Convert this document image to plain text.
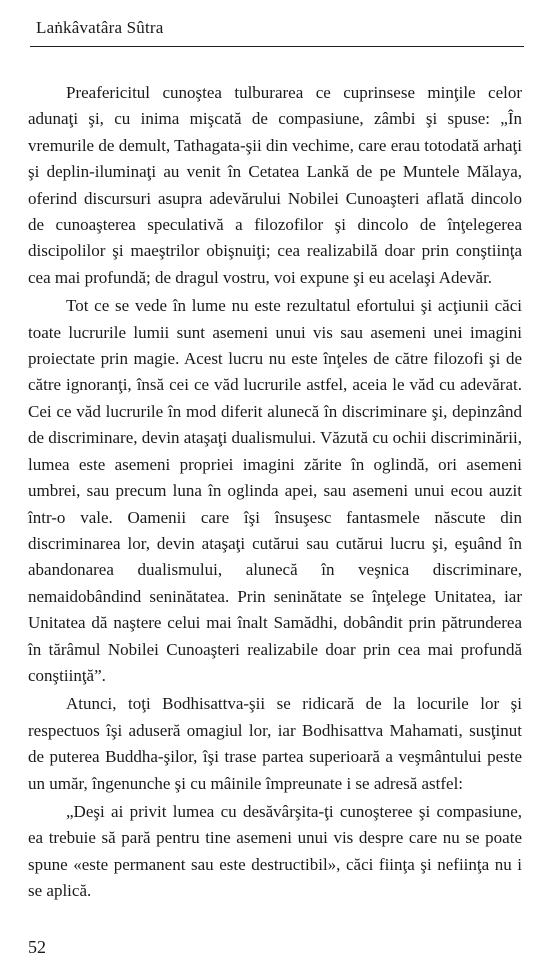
Laṅkâvatâra Sûtra

Preafericitul cunoştea tulburarea ce cuprinsese minţile celor adunaţi şi, cu inima mişcată de compasiune, zâmbi şi spuse: „În vremurile de demult, Tathagata-şii din vechime, care erau totodată arhaţi şi deplin-iluminaţi au venit în Cetatea Lankă de pe Muntele Mălaya, oferind discursuri asupra adevărului Nobilei Cunoaşteri aflată dincolo de cunoaşterea speculativă a filozofilor şi dincolo de înţelegerea discipolilor şi maeştrilor obişnuiţi; cea realizabilă doar prin conştiinţa cea mai profundă; de dragul vostru, voi expune şi eu acelaşi Adevăr.

Tot ce se vede în lume nu este rezultatul efortului şi acţiunii căci toate lucrurile lumii sunt asemeni unui vis sau asemeni unei imagini proiectate prin magie. Acest lucru nu este înţeles de către filozofi şi de către ignoranţi, însă cei ce văd lucrurile astfel, aceia le văd cu adevărat. Cei ce văd lucrurile în mod diferit alunecă în discriminare şi, depinzând de discriminare, devin ataşaţi dualismului. Văzută cu ochii discriminării, lumea este asemeni propriei imagini zărite în oglindă, ori asemeni umbrei, sau precum luna în oglinda apei, sau asemeni unui ecou auzit într-o vale. Oamenii care îşi însuşesc fantasmele născute din discriminarea lor, devin ataşaţi cutărui sau cutărui lucru şi, eşuând în abandonarea dualismului, alunecă în veşnica discriminare, nemaidobândind seninătatea. Prin seninătate se înţelege Unitatea, iar Unitatea dă naştere celui mai înalt Samădhi, dobândit prin pătrunderea în tărâmul Nobilei Cunoaşteri realizabile doar prin cea mai profundă conştiinţă”.

Atunci, toţi Bodhisattva-şii se ridicară de la locurile lor şi respectuos îşi aduseră omagiul lor, iar Bodhisattva Mahamati, susţinut de puterea Buddha-şilor, îşi trase partea superioară a veşmântului peste un umăr, îngenunche şi cu mâinile împreunate i se adresă astfel:

„Deşi ai privit lumea cu desăvârşita-ţi cunoşteree şi compasiune, ea trebuie să pară pentru tine asemeni unui vis despre care nu se poate spune «este permanent sau este destructibil», căci fiinţa şi nefiinţa nu i se aplică.

52
